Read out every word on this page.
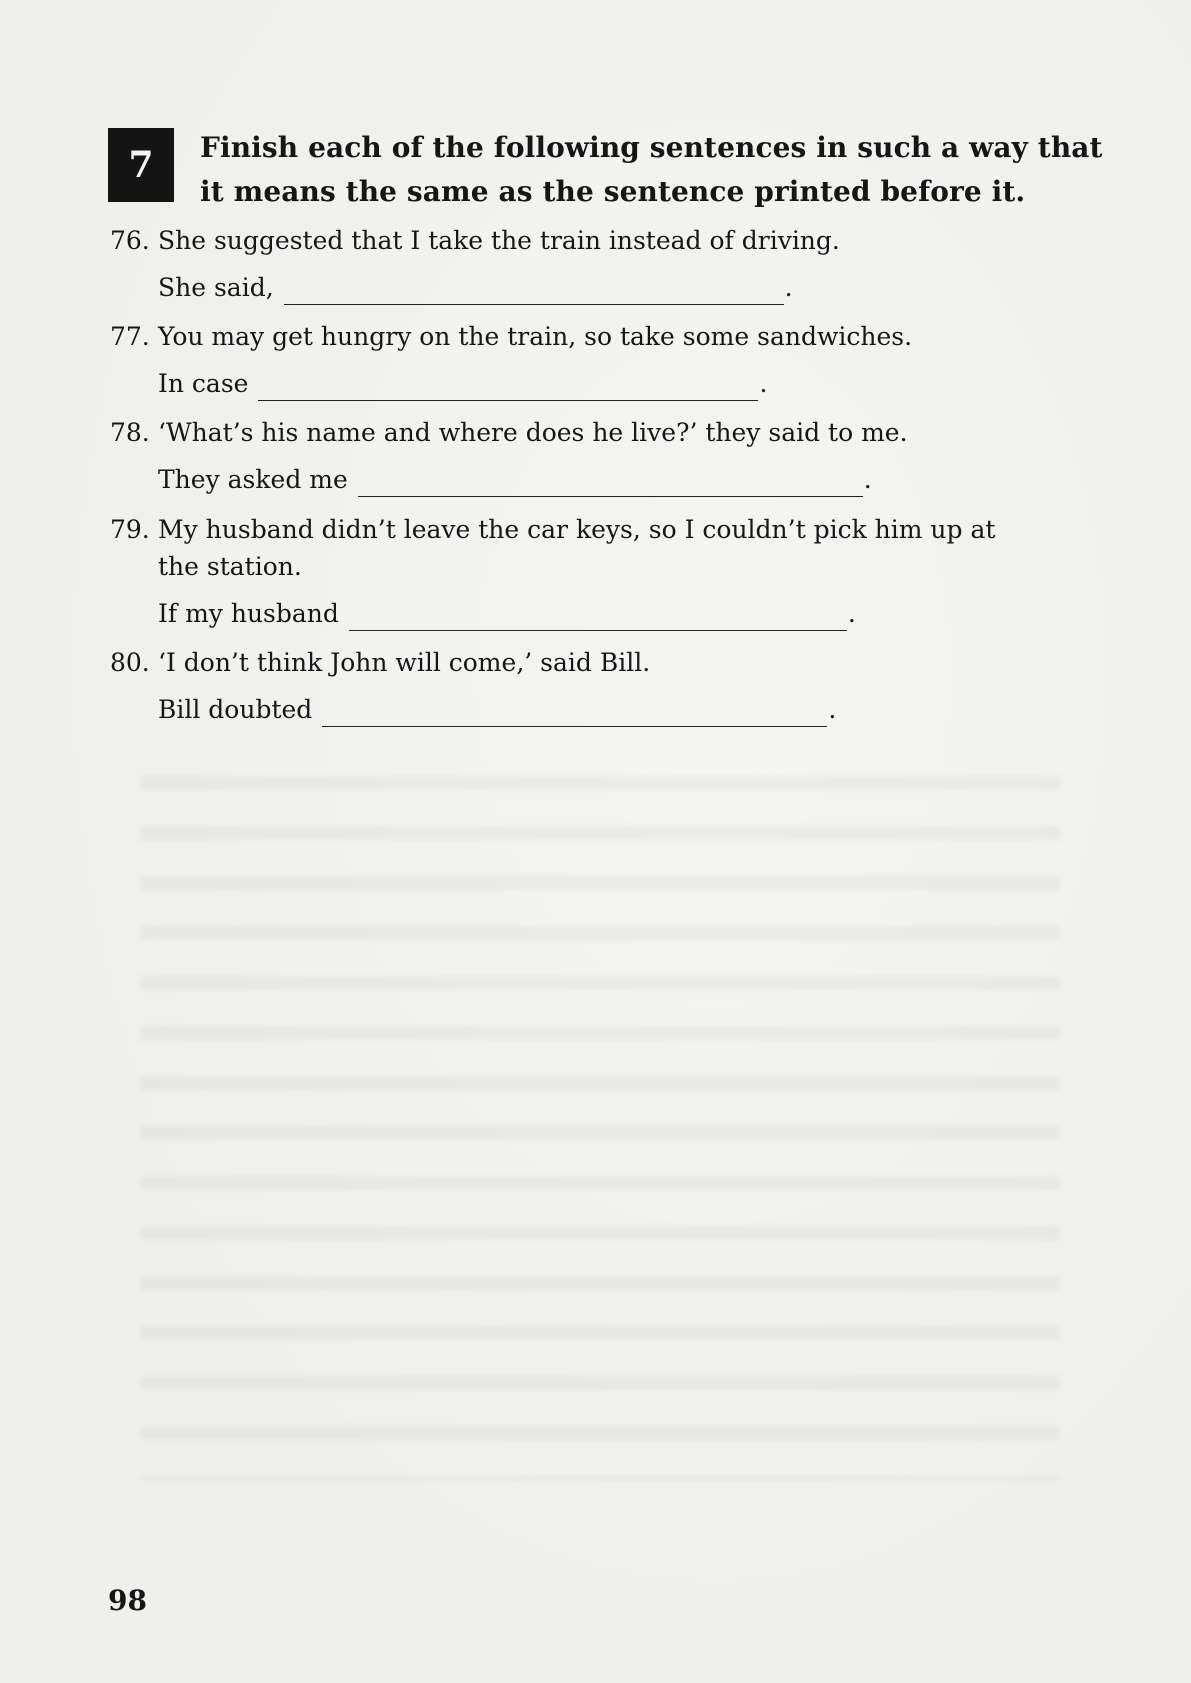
7	Finish each of the following sentences in such a way that
it means the same as the sentence printed before it.
76. She suggested that I take the train instead of driving.
She said,	.
77. You may get hungry on the train, so take some sandwiches.
In case	.
78. ‘What’s his name and where does he live?’ they said to me.
They asked me	.
79. My husband didn’t leave the car keys, so I couldn’t pick him up at
the station.
If my husband	.
80. ‘I don’t think John will come,’ said Bill.
Bill doubted	.
98
